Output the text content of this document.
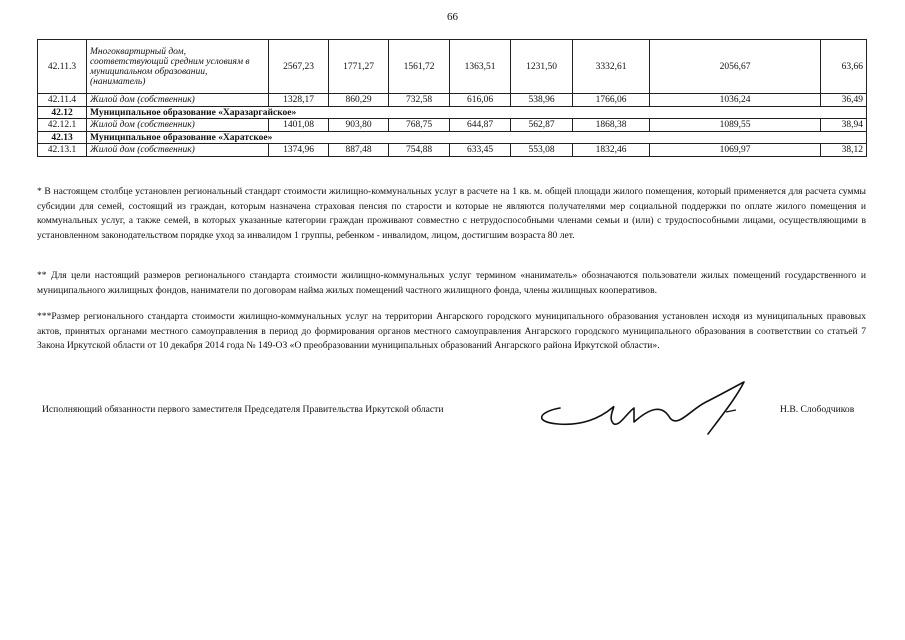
66
42.11.3	Многоквартирный дом, соответствующий средним условиям в муниципальном образовании, (наниматель)	2567,23	1771,27	1561,72	1363,51	1231,50	3332,61	2056,67	63,66
42.11.4	Жилой дом (собственник)	1328,17	860,29	732,58	616,06	538,96	1766,06	1036,24	36,49
42.12	Муниципальное образование «Харазаргайское»								
42.12.1	Жилой дом (собственник)	1401,08	903,80	768,75	644,87	562,87	1868,38	1089,55	38,94
42.13	Муниципальное образование «Харатское»								
42.13.1	Жилой дом (собственник)	1374,96	887,48	754,88	633,45	553,08	1832,46	1069,97	38,12
* В настоящем столбце установлен региональный стандарт стоимости жилищно-коммунальных услуг в расчете на 1 кв. м. общей площади жилого помещения, который применяется для расчета суммы субсидии для семей, состоящий из граждан, которым назначена страховая пенсия по старости и которые не являются получателями мер социальной поддержки по оплате жилого помещения и коммунальных услуг, а также семей, в которых указанные категории граждан проживают совместно с нетрудоспособными членами семьи и (или) с трудоспособными лицами, осуществляющими в установленном законодательством порядке уход за инвалидом 1 группы, ребенком - инвалидом, лицом, достигшим возраста 80 лет.
** Для цели настоящий размеров регионального стандарта стоимости жилищно-коммунальных услуг термином «наниматель» обозначаются пользователи жилых помещений государственного и муниципального жилищных фондов, наниматели по договорам найма жилых помещений частного жилищного фонда, члены жилищных кооперативов.
***Размер регионального стандарта стоимости жилищно-коммунальных услуг на территории Ангарского городского муниципального образования установлен исходя из муниципальных правовых актов, принятых органами местного самоуправления в период до формирования органов местного самоуправления Ангарского городского муниципального образования в соответствии со статьей 7 Закона Иркутской области от 10 декабря 2014 года № 149-ОЗ «О преобразовании муниципальных образований Ангарского района Иркутской области».
Исполняющий обязанности первого заместителя Председателя Правительства Иркутской области	Н.В. Слободчиков
